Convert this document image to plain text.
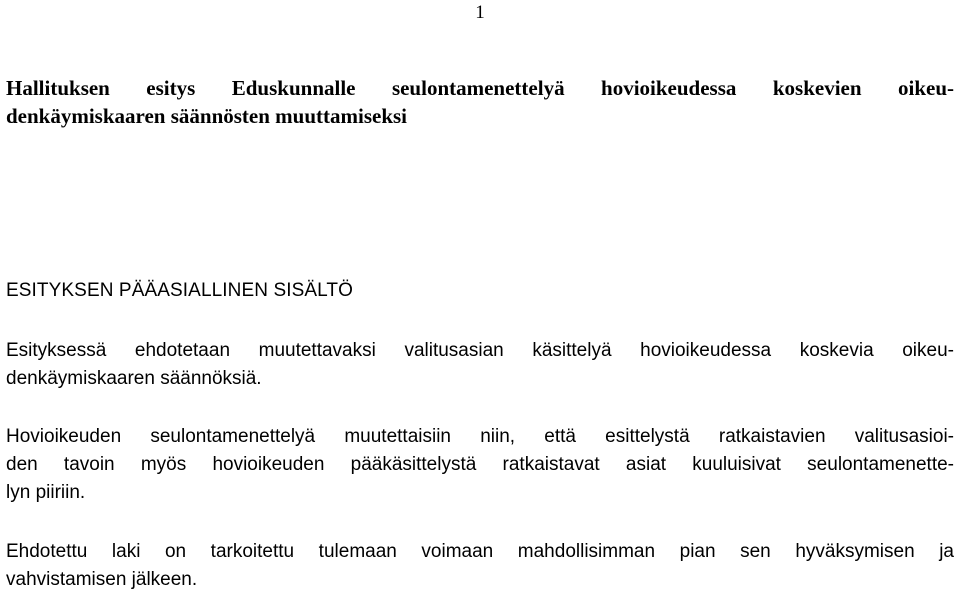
1
Hallituksen esitys Eduskunnalle seulontamenettelyä hovioikeudessa koskevien oikeu-
denkäymiskaaren säännösten muuttamiseksi
ESITYKSEN PÄÄASIALLINEN SISÄLTÖ

Esityksessä ehdotetaan muutettavaksi valitusasian käsittelyä hovioikeudessa koskevia oikeu-
denkäymiskaaren säännöksiä.

Hovioikeuden seulontamenettelyä muutettaisiin niin, että esittelystä ratkaistavien valitusasioi-
den tavoin myös hovioikeuden pääkäsittelystä ratkaistavat asiat kuuluisivat seulontamenette-
lyn piiriin.

Ehdotettu laki on tarkoitettu tulemaan voimaan mahdollisimman pian sen hyväksymisen ja
vahvistamisen jälkeen.
